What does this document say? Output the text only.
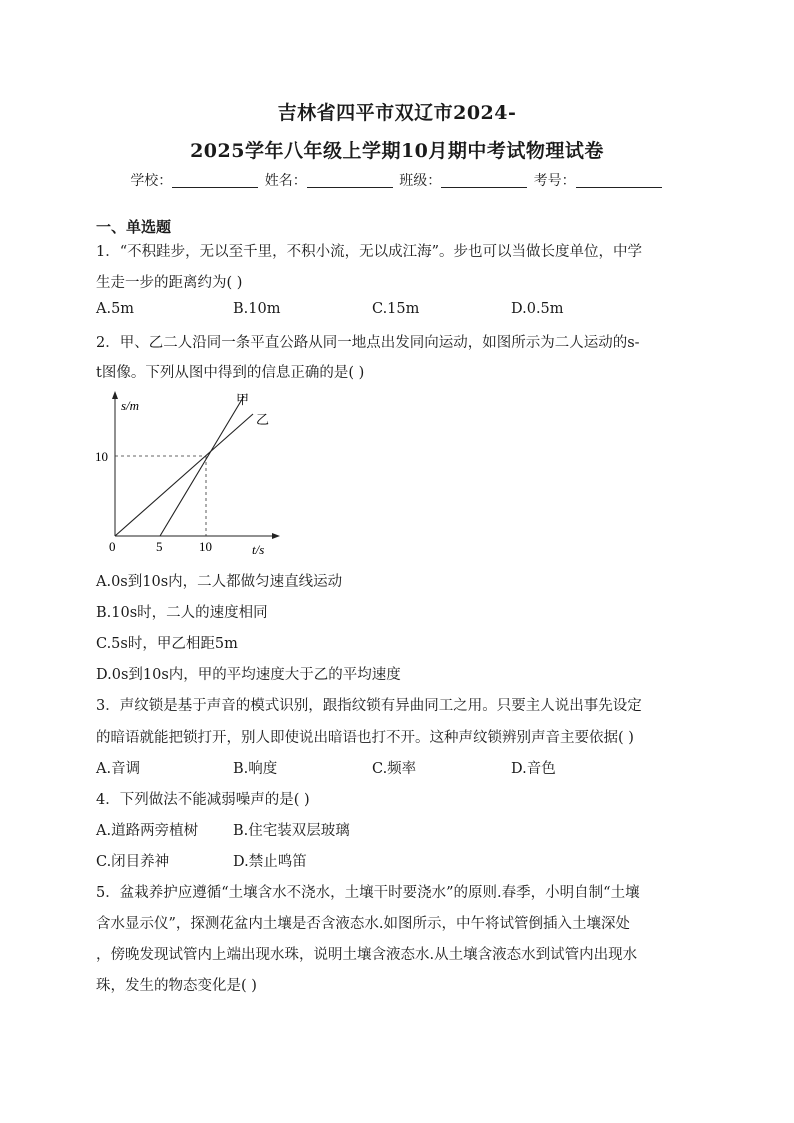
吉林省四平市双辽市2024-
2025学年八年级上学期10月期中考试物理试卷
学校：	姓名：	班级：	考号：
一、单选题
1．“不积跬步，无以至千里，不积小流，无以成江海”。步也可以当做长度单位，中学
生走一步的距离约为( )
A.5m	B.10m	C.15m	D.0.5m
2．甲、乙二人沿同一条平直公路从同一地点出发同向运动，如图所示为二人运动的s-
t图像。下列从图中得到的信息正确的是( )
s/m
t/s
0	5	10
10
甲
乙
A.0s到10s内，二人都做匀速直线运动
B.10s时，二人的速度相同
C.5s时，甲乙相距5m
D.0s到10s内，甲的平均速度大于乙的平均速度
3．声纹锁是基于声音的模式识别，跟指纹锁有异曲同工之用。只要主人说出事先设定
的暗语就能把锁打开，别人即使说出暗语也打不开。这种声纹锁辨别声音主要依据( )
A.音调	B.响度	C.频率	D.音色
4．下列做法不能减弱噪声的是( )
A.道路两旁植树 B.住宅装双层玻璃
C.闭目养神	D.禁止鸣笛
5．盆栽养护应遵循“土壤含水不浇水，土壤干时要浇水”的原则.春季，小明自制“土壤
含水显示仪”，探测花盆内土壤是否含液态水.如图所示，中午将试管倒插入土壤深处
，傍晚发现试管内上端出现水珠，说明土壤含液态水.从土壤含液态水到试管内出现水
珠，发生的物态变化是( )
